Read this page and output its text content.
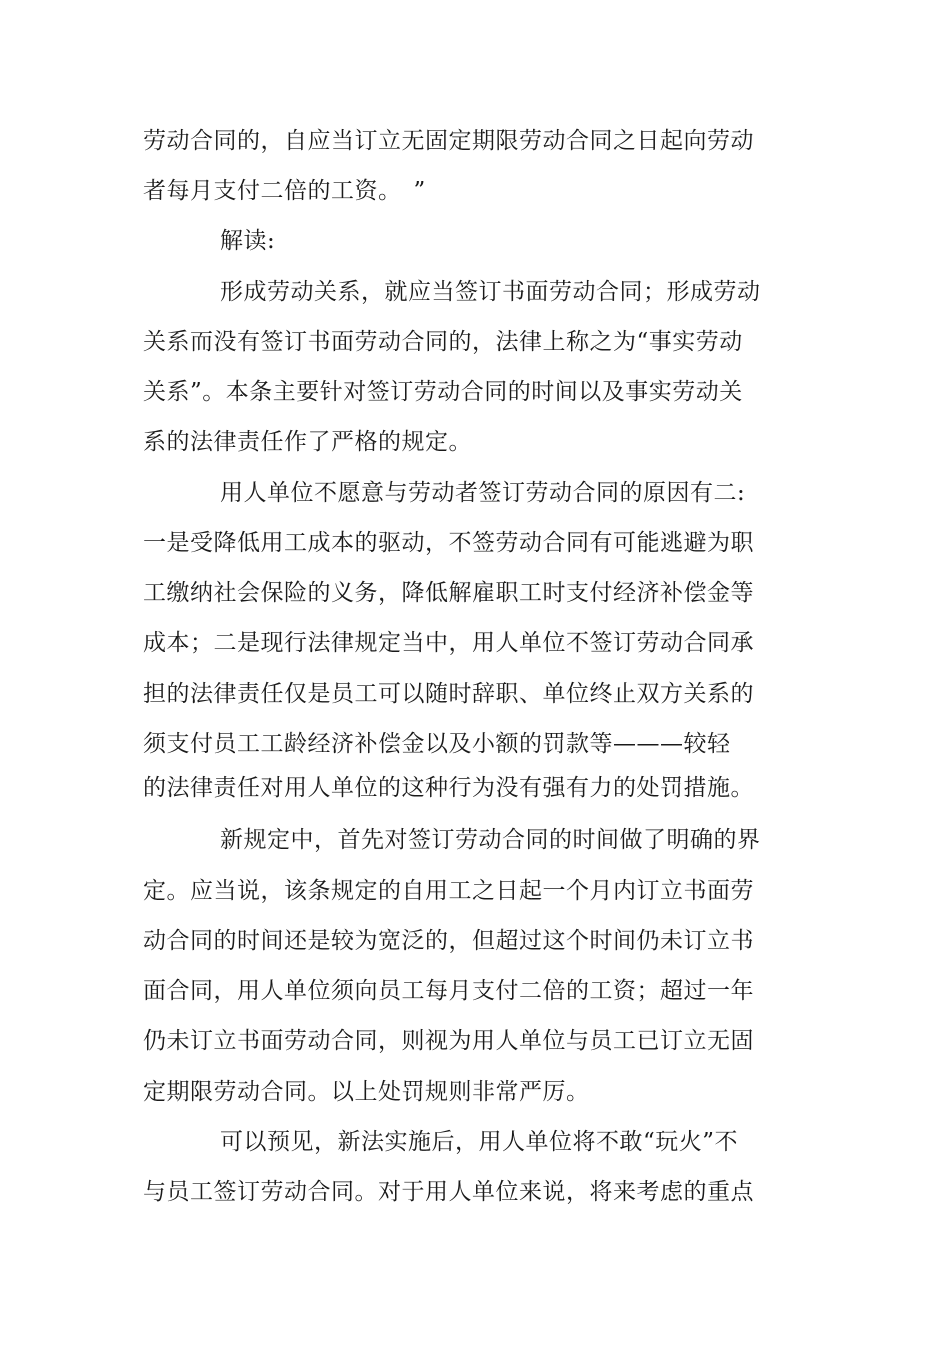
劳动合同的，自应当订立无固定期限劳动合同之日起向劳动
者每月支付二倍的工资。　”
解读:
形成劳动关系，就应当签订书面劳动合同；形成劳动
关系而没有签订书面劳动合同的，法律上称之为“事实劳动
关系”。本条主要针对签订劳动合同的时间以及事实劳动关
系的法律责任作了严格的规定。
用人单位不愿意与劳动者签订劳动合同的原因有二:
一是受降低用工成本的驱动，不签劳动合同有可能逃避为职
工缴纳社会保险的义务，降低解雇职工时支付经济补偿金等
成本；二是现行法律规定当中，用人单位不签订劳动合同承
担的法律责任仅是员工可以随时辞职、单位终止双方关系的
须支付员工工龄经济补偿金以及小额的罚款等———较轻
的法律责任对用人单位的这种行为没有强有力的处罚措施。
新规定中，首先对签订劳动合同的时间做了明确的界
定。应当说，该条规定的自用工之日起一个月内订立书面劳
动合同的时间还是较为宽泛的，但超过这个时间仍未订立书
面合同，用人单位须向员工每月支付二倍的工资；超过一年
仍未订立书面劳动合同，则视为用人单位与员工已订立无固
定期限劳动合同。以上处罚规则非常严厉。
可以预见，新法实施后，用人单位将不敢“玩火”不
与员工签订劳动合同。对于用人单位来说，将来考虑的重点
